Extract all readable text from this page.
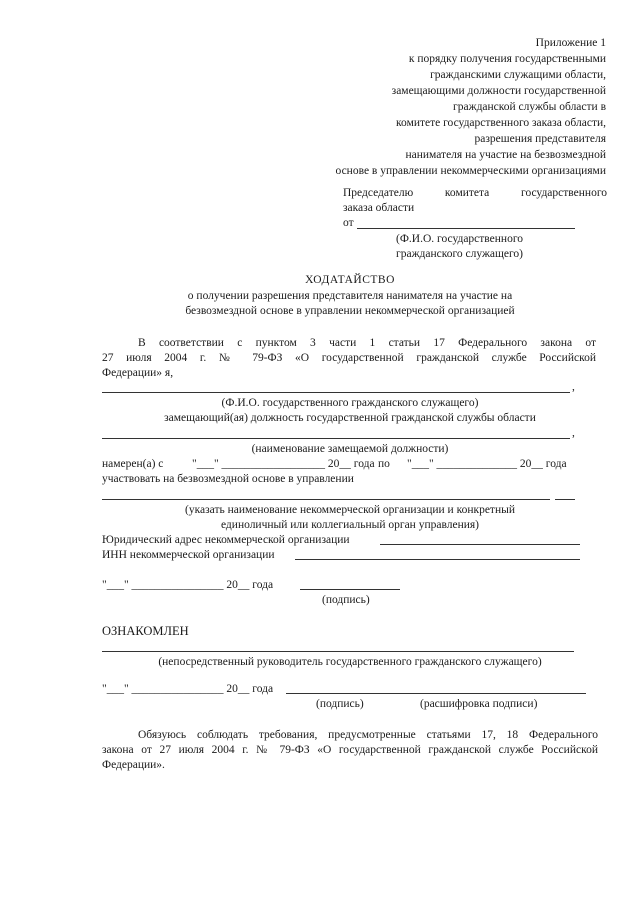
Приложение 1
к порядку получения государственными
гражданскими служащими области,
замещающими должности государственной
гражданской службы области в
комитете государственного заказа области,
разрешения представителя
нанимателя на участие на безвозмездной
основе в управлении некоммерческими организациями
Председателю комитета государственного
заказа области
от
(Ф.И.О. государственного
гражданского служащего)
ХОДАТАЙСТВО
о получении разрешения представителя нанимателя на участие на
безвозмездной основе в управлении некоммерческой организацией
В соответствии с пунктом 3 части 1 статьи 17 Федерального закона от
27 июля 2004 г. № 79-ФЗ «О государственной гражданской службе Российской
Федерации» я,
,
(Ф.И.О. государственного гражданского служащего)
замещающий(ая) должность государственной гражданской службы области
,
(наименование замещаемой должности)
намерен(а) с "___" __________________ 20__ года по "___" ______________ 20__ года
участвовать на безвозмездной основе в управлении
(указать наименование некоммерческой организации и конкретный
единоличный или коллегиальный орган управления)
Юридический адрес некоммерческой организации
ИНН некоммерческой организации
"___" ________________ 20__ года
(подпись)
ОЗНАКОМЛЕН
(непосредственный руководитель государственного гражданского служащего)
"___" ________________ 20__ года
(подпись)	(расшифровка подписи)
Обязуюсь соблюдать требования, предусмотренные статьями 17, 18 Федерального
закона от 27 июля 2004 г. № 79-ФЗ «О государственной гражданской службе Российской
Федерации».
